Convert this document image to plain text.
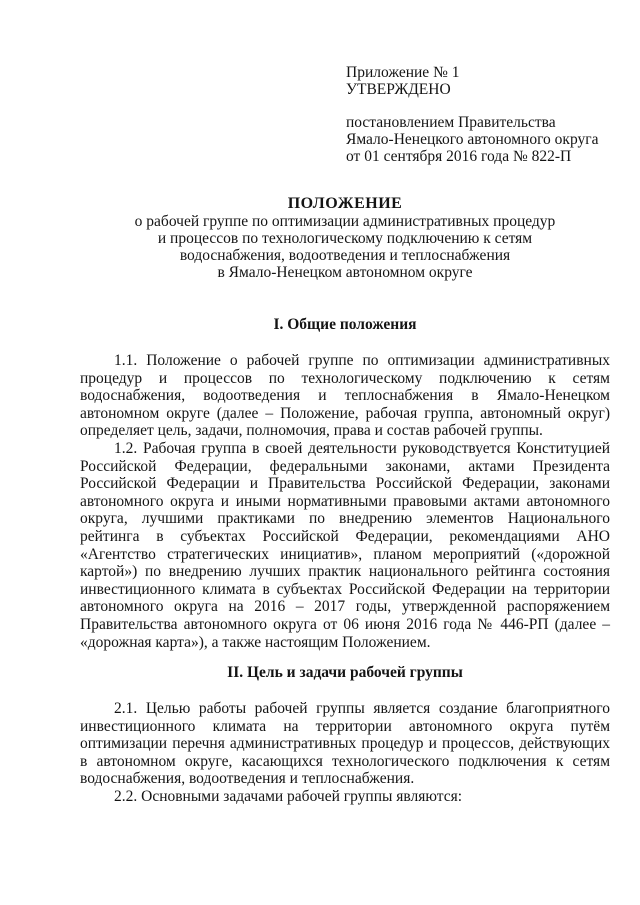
Приложение № 1
УТВЕРЖДЕНО
постановлением Правительства
Ямало-Ненецкого автономного округа
от 01 сентября 2016 года № 822-П
ПОЛОЖЕНИЕ
о рабочей группе по оптимизации административных процедур
и процессов по технологическому подключению к сетям
водоснабжения, водоотведения и теплоснабжения
в Ямало-Ненецком автономном округе
I. Общие положения

1.1. Положение о рабочей группе по оптимизации административных процедур и процессов по технологическому подключению к сетям водоснабжения, водоотведения и теплоснабжения в Ямало-Ненецком автономном округе (далее – Положение, рабочая группа, автономный округ) определяет цель, задачи, полномочия, права и состав рабочей группы.

1.2. Рабочая группа в своей деятельности руководствуется Конституцией Российской Федерации, федеральными законами, актами Президента Российской Федерации и Правительства Российской Федерации, законами автономного округа и иными нормативными правовыми актами автономного округа, лучшими практиками по внедрению элементов Национального рейтинга в субъектах Российской Федерации, рекомендациями АНО «Агентство стратегических инициатив», планом мероприятий («дорожной картой») по внедрению лучших практик национального рейтинга состояния инвестиционного климата в субъектах Российской Федерации на территории автономного округа на 2016 – 2017 годы, утвержденной распоряжением Правительства автономного округа от 06 июня 2016 года № 446-РП (далее – «дорожная карта»), а также настоящим Положением.

II. Цель и задачи рабочей группы

2.1. Целью работы рабочей группы является создание благоприятного инвестиционного климата на территории автономного округа путём оптимизации перечня административных процедур и процессов, действующих в автономном округе, касающихся технологического подключения к сетям водоснабжения, водоотведения и теплоснабжения.

2.2. Основными задачами рабочей группы являются:
